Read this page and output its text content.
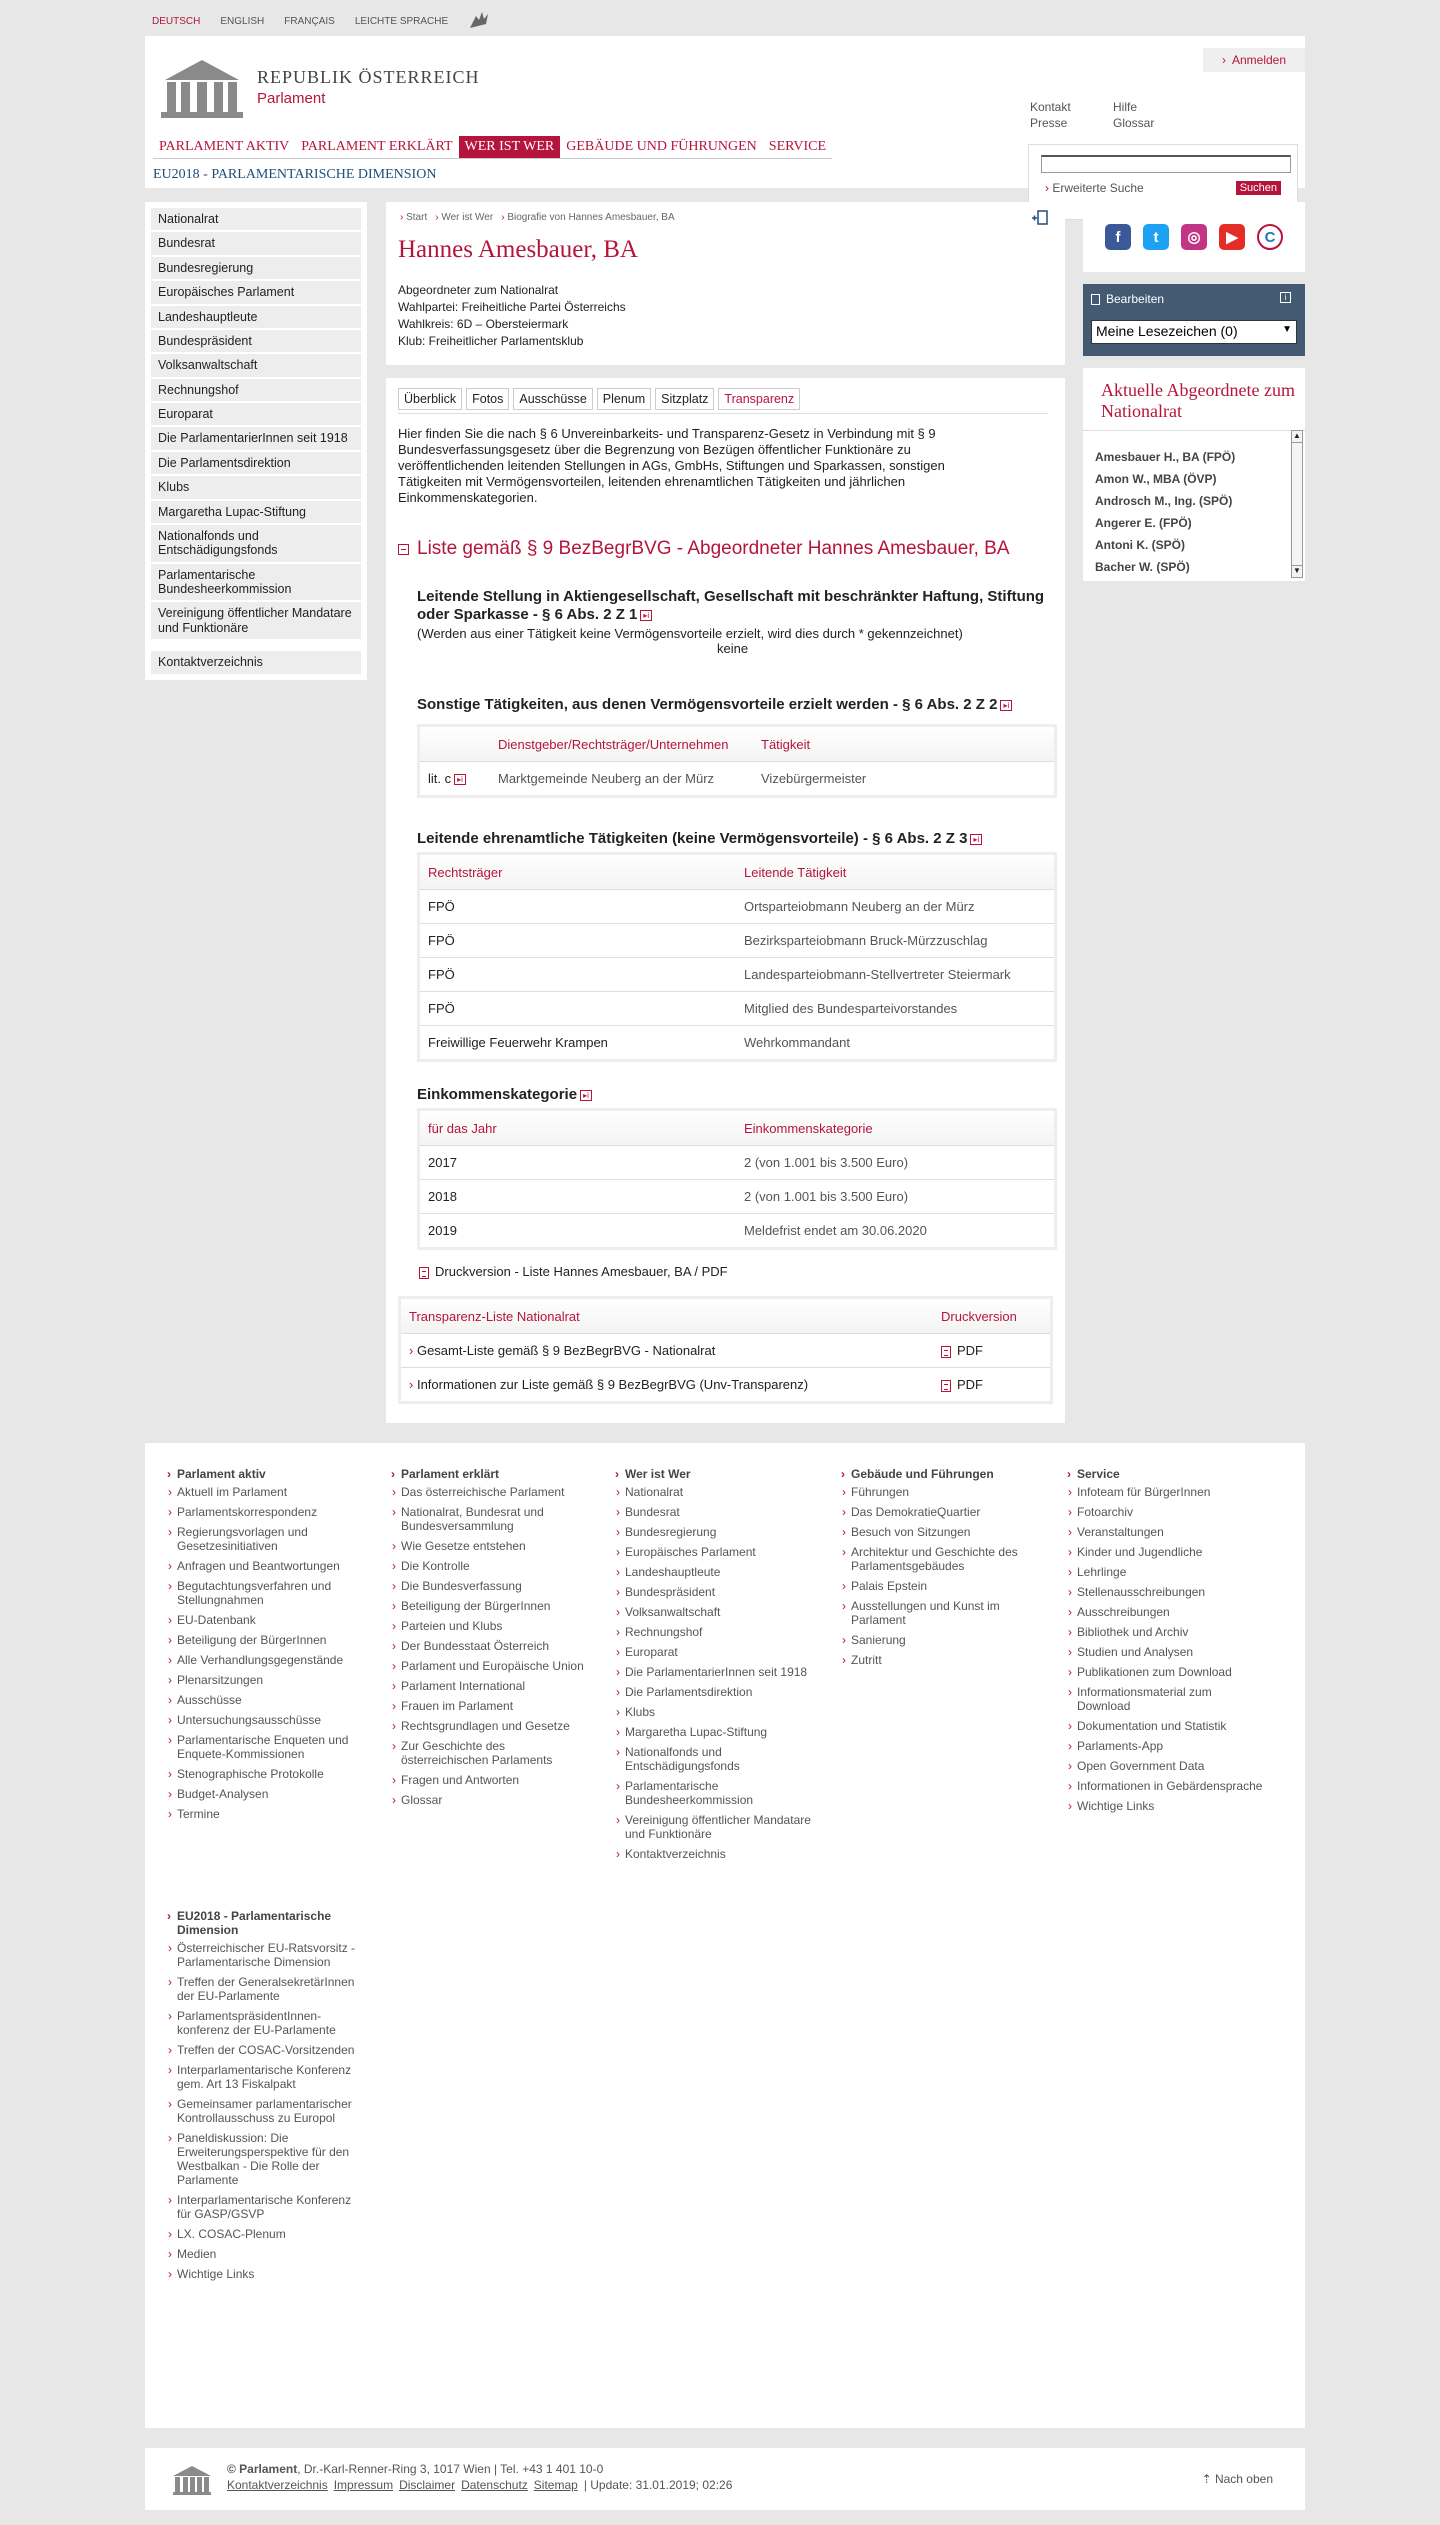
DEUTSCH ENGLISH FRANÇAIS LEICHTE SPRACHE
REPUBLIK ÖSTERREICH
Parlament
› Anmelden
Kontakt	Hilfe
Presse	Glossar
PARLAMENT AKTIV PARLAMENT ERKLÄRT WER IST WER GEBÄUDE UND FÜHRUNGEN SERVICE
EU2018 - PARLAMENTARISCHE DIMENSION
› Erweiterte Suche	Suchen
Nationalrat
Bundesrat
Bundesregierung
Europäisches Parlament
Landeshauptleute
Bundespräsident
Volksanwaltschaft
Rechnungshof
Europarat
Die ParlamentarierInnen seit 1918
Die Parlamentsdirektion
Klubs
Margaretha Lupac-Stiftung
Nationalfonds und Entschädigungsfonds
Parlamentarische Bundesheerkommission
Vereinigung öffentlicher Mandatare und Funktionäre
Kontaktverzeichnis
› Start › Wer ist Wer › Biografie von Hannes Amesbauer, BA
Hannes Amesbauer, BA
Abgeordneter zum Nationalrat
Wahlpartei: Freiheitliche Partei Österreichs
Wahlkreis: 6D – Obersteiermark
Klub: Freiheitlicher Parlamentsklub
Überblick	Fotos	Ausschüsse	Plenum	Sitzplatz	Transparenz
Hier finden Sie die nach § 6 Unvereinbarkeits- und Transparenz-Gesetz in Verbindung mit § 9 Bundesverfassungsgesetz über die Begrenzung von Bezügen öffentlicher Funktionäre zu veröffentlichenden leitenden Stellungen in AGs, GmbHs, Stiftungen und Sparkassen, sonstigen Tätigkeiten mit Vermögensvorteilen, leitenden ehrenamtlichen Tätigkeiten und jährlichen Einkommenskategorien.
Liste gemäß § 9 BezBegrBVG - Abgeordneter Hannes Amesbauer, BA
Leitende Stellung in Aktiengesellschaft, Gesellschaft mit beschränkter Haftung, Stiftung oder Sparkasse - § 6 Abs. 2 Z 1 ▸i
(Werden aus einer Tätigkeit keine Vermögensvorteile erzielt, wird dies durch * gekennzeichnet)
keine
Sonstige Tätigkeiten, aus denen Vermögensvorteile erzielt werden - § 6 Abs. 2 Z 2 ▸i
Dienstgeber/Rechtsträger/Unternehmen	Tätigkeit
lit. c ▸i	Marktgemeinde Neuberg an der Mürz	Vizebürgermeister
Leitende ehrenamtliche Tätigkeiten (keine Vermögensvorteile) - § 6 Abs. 2 Z 3 ▸i
Rechtsträger	Leitende Tätigkeit
FPÖ	Ortsparteiobmann Neuberg an der Mürz
FPÖ	Bezirksparteiobmann Bruck-Mürzzuschlag
FPÖ	Landesparteiobmann-Stellvertreter Steiermark
FPÖ	Mitglied des Bundesparteivorstandes
Freiwillige Feuerwehr Krampen	Wehrkommandant
Einkommenskategorie ▸i
für das Jahr	Einkommenskategorie
2017	2 (von 1.001 bis 3.500 Euro)
2018	2 (von 1.001 bis 3.500 Euro)
2019	Meldefrist endet am 30.06.2020
Druckversion - Liste Hannes Amesbauer, BA / PDF
Transparenz-Liste Nationalrat	Druckversion
› Gesamt-Liste gemäß § 9 BezBegrBVG - Nationalrat	PDF
› Informationen zur Liste gemäß § 9 BezBegrBVG (Unv-Transparenz)	PDF
f	t	◎	▶	C
Bearbeiten	i
Meine Lesezeichen (0)	▼
Aktuelle Abgeordnete zum Nationalrat
Amesbauer H., BA (FPÖ)
Amon W., MBA (ÖVP)
Androsch M., Ing. (SPÖ)
Angerer E. (FPÖ)
Antoni K. (SPÖ)
Bacher W. (SPÖ)
▲
▼
› Parlament aktiv
› Aktuell im Parlament
› Parlamentskorrespondenz
› Regierungsvorlagen und Gesetzesinitiativen
› Anfragen und Beantwortungen
› Begutachtungsverfahren und Stellungnahmen
› EU-Datenbank
› Beteiligung der BürgerInnen
› Alle Verhandlungsgegenstände
› Plenarsitzungen
› Ausschüsse
› Untersuchungsausschüsse
› Parlamentarische Enqueten und Enquete-Kommissionen
› Stenographische Protokolle
› Budget-Analysen
› Termine
› Parlament erklärt
› Das österreichische Parlament
› Nationalrat, Bundesrat und Bundesversammlung
› Wie Gesetze entstehen
› Die Kontrolle
› Die Bundesverfassung
› Beteiligung der BürgerInnen
› Parteien und Klubs
› Der Bundesstaat Österreich
› Parlament und Europäische Union
› Parlament International
› Frauen im Parlament
› Rechtsgrundlagen und Gesetze
› Zur Geschichte des österreichischen Parlaments
› Fragen und Antworten
› Glossar
› Wer ist Wer
› Nationalrat
› Bundesrat
› Bundesregierung
› Europäisches Parlament
› Landeshauptleute
› Bundespräsident
› Volksanwaltschaft
› Rechnungshof
› Europarat
› Die ParlamentarierInnen seit 1918
› Die Parlamentsdirektion
› Klubs
› Margaretha Lupac-Stiftung
› Nationalfonds und Entschädigungsfonds
› Parlamentarische Bundesheerkommission
› Vereinigung öffentlicher Mandatare und Funktionäre
› Kontaktverzeichnis
› Gebäude und Führungen
› Führungen
› Das DemokratieQuartier
› Besuch von Sitzungen
› Architektur und Geschichte des Parlamentsgebäudes
› Palais Epstein
› Ausstellungen und Kunst im Parlament
› Sanierung
› Zutritt
› Service
› Infoteam für BürgerInnen
› Fotoarchiv
› Veranstaltungen
› Kinder und Jugendliche
› Lehrlinge
› Stellenausschreibungen
› Ausschreibungen
› Bibliothek und Archiv
› Studien und Analysen
› Publikationen zum Download
› Informationsmaterial zum Download
› Dokumentation und Statistik
› Parlaments-App
› Open Government Data
› Informationen in Gebärdensprache
› Wichtige Links
› EU2018 - Parlamentarische Dimension
› Österreichischer EU-Ratsvorsitz - Parlamentarische Dimension
› Treffen der GeneralsekretärInnen der EU-Parlamente
› ParlamentspräsidentInnen-konferenz der EU-Parlamente
› Treffen der COSAC-Vorsitzenden
› Interparlamentarische Konferenz gem. Art 13 Fiskalpakt
› Gemeinsamer parlamentarischer Kontrollausschuss zu Europol
› Paneldiskussion: Die Erweiterungsperspektive für den Westbalkan - Die Rolle der Parlamente
› Interparlamentarische Konferenz für GASP/GSVP
› LX. COSAC-Plenum
› Medien
› Wichtige Links
© Parlament, Dr.-Karl-Renner-Ring 3, 1017 Wien | Tel. +43 1 401 10-0
Kontaktverzeichnis Impressum Disclaimer Datenschutz Sitemap | Update: 31.01.2019; 02:26	⇡ Nach oben
